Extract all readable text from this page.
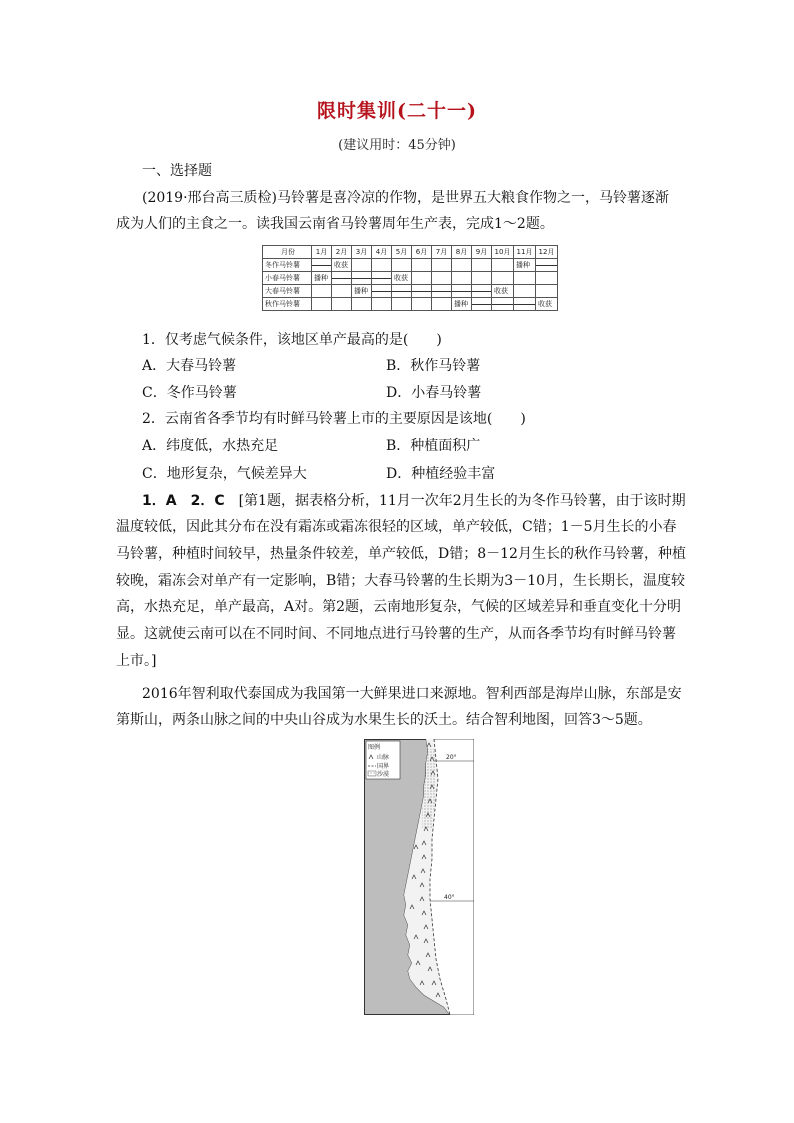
限时集训(二十一)
(建议用时：45分钟)
一、选择题
(2019·邢台高三质检)马铃薯是喜冷凉的作物，是世界五大粮食作物之一，马铃薯逐渐
成为人们的主食之一。读我国云南省马铃薯周年生产表，完成1～2题。
月份	1月	2月	3月	4月	5月	6月	7月	8月	9月	10月	11月	12月
冬作马铃薯		收获									播种	

小春马铃薯	播种				收获							

大春马铃薯			播种							收获		

秋作马铃薯								播种				收获
1．仅考虑气候条件，该地区单产最高的是(　　)
A．大春马铃薯	B．秋作马铃薯
C．冬作马铃薯	D．小春马铃薯
2．云南省各季节均有时鲜马铃薯上市的主要原因是该地(　　)
A．纬度低，水热充足	B．种植面积广
C．地形复杂，气候差异大	D．种植经验丰富
1．A　2．C　[第1题，据表格分析，11月一次年2月生长的为冬作马铃薯，由于该时期
温度较低，因此其分布在没有霜冻或霜冻很轻的区域，单产较低，C错；1－5月生长的小春
马铃薯，种植时间较早，热量条件较差，单产较低，D错；8－12月生长的秋作马铃薯，种植
较晚，霜冻会对单产有一定影响，B错；大春马铃薯的生长期为3－10月，生长期长，温度较
高，水热充足，单产最高，A对。第2题，云南地形复杂，气候的区域差异和垂直变化十分明
显。这就使云南可以在不同时间、不同地点进行马铃薯的生产，从而各季节均有时鲜马铃薯
上市。]
2016年智利取代泰国成为我国第一大鲜果进口来源地。智利西部是海岸山脉，东部是安
第斯山，两条山脉之间的中央山谷成为水果生长的沃土。结合智利地图，回答3～5题。
20°
40°
图例
山脉
国界
沙漠
